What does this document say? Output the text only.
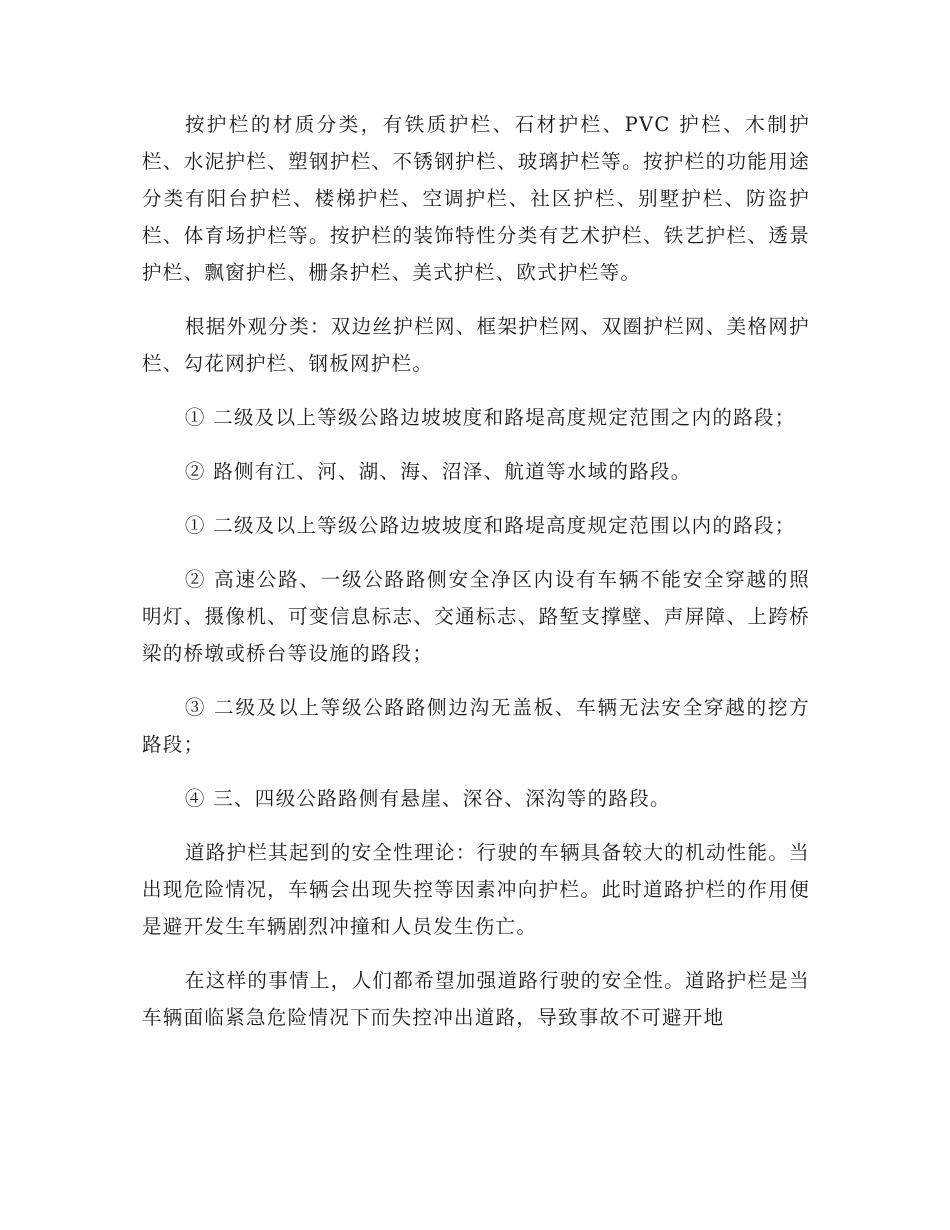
按护栏的材质分类，有铁质护栏、石材护栏、PVC 护栏、木制护栏、水泥护栏、塑钢护栏、不锈钢护栏、玻璃护栏等。按护栏的功能用途分类有阳台护栏、楼梯护栏、空调护栏、社区护栏、别墅护栏、防盗护栏、体育场护栏等。按护栏的装饰特性分类有艺术护栏、铁艺护栏、透景护栏、飘窗护栏、栅条护栏、美式护栏、欧式护栏等。

根据外观分类：双边丝护栏网、框架护栏网、双圈护栏网、美格网护栏、勾花网护栏、钢板网护栏。

① 二级及以上等级公路边坡坡度和路堤高度规定范围之内的路段；

② 路侧有江、河、湖、海、沼泽、航道等水域的路段。

① 二级及以上等级公路边坡坡度和路堤高度规定范围以内的路段；

② 高速公路、一级公路路侧安全净区内设有车辆不能安全穿越的照明灯、摄像机、可变信息标志、交通标志、路堑支撑壁、声屏障、上跨桥梁的桥墩或桥台等设施的路段；

③ 二级及以上等级公路路侧边沟无盖板、车辆无法安全穿越的挖方路段；

④ 三、四级公路路侧有悬崖、深谷、深沟等的路段。

道路护栏其起到的安全性理论：行驶的车辆具备较大的机动性能。当出现危险情况，车辆会出现失控等因素冲向护栏。此时道路护栏的作用便是避开发生车辆剧烈冲撞和人员发生伤亡。

在这样的事情上，人们都希望加强道路行驶的安全性。道路护栏是当车辆面临紧急危险情况下而失控冲出道路，导致事故不可避开地
